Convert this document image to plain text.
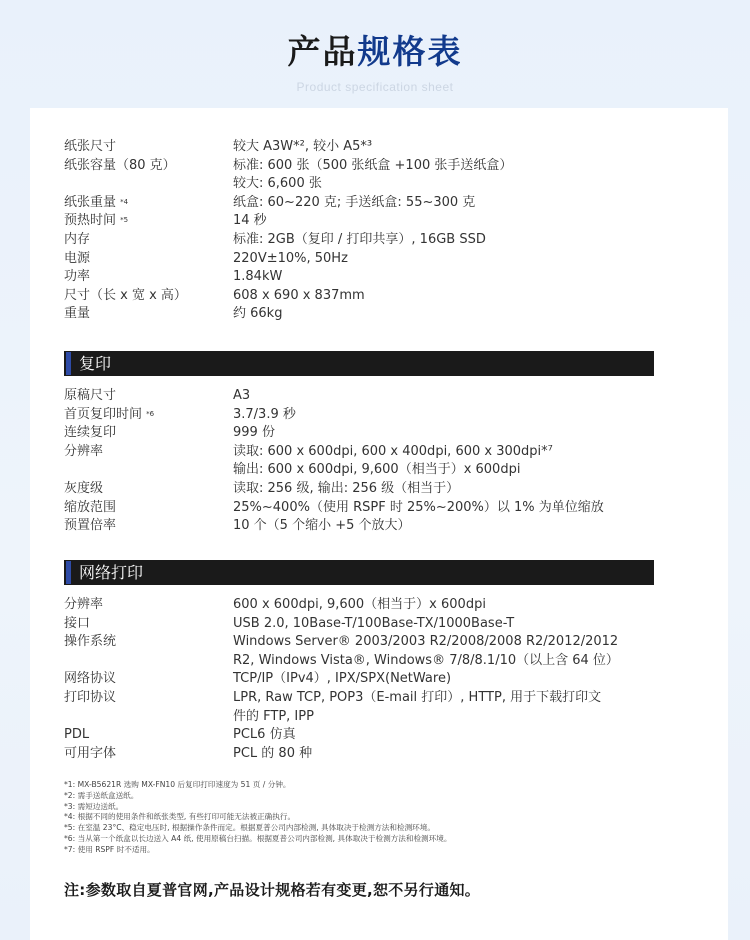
产品规格表
Product specification sheet
纸张尺寸	较大 A3W*², 较小 A5*³
纸张容量（80 克）	标准: 600 张（500 张纸盒 +100 张手送纸盒）
较大: 6,600 张
纸张重量 $^{*4}$	纸盒: 60~220 克; 手送纸盒: 55~300 克
预热时间 $^{*5}$	14 秒
内存	标准: 2GB（复印 / 打印共享）, 16GB SSD
电源	220V±10%, 50Hz
功率	1.84kW
尺寸（长 x 宽 x 高）	608 x 690 x 837mm
重量	约 66kg
复印
原稿尺寸	A3
首页复印时间 $^{*6}$	3.7/3.9 秒
连续复印	999 份
分辨率	读取: 600 x 600dpi, 600 x 400dpi, 600 x 300dpi*⁷
输出: 600 x 600dpi, 9,600（相当于）x 600dpi
灰度级	读取: 256 级, 输出: 256 级（相当于）
缩放范围	25%~400%（使用 RSPF 时 25%~200%）以 1% 为单位缩放
预置倍率	10 个（5 个缩小 +5 个放大）
网络打印
分辨率	600 x 600dpi, 9,600（相当于）x 600dpi
接口	USB 2.0, 10Base-T/100Base-TX/1000Base-T
操作系统	Windows Server® 2003/2003 R2/2008/2008 R2/2012/2012
R2, Windows Vista®, Windows® 7/8/8.1/10（以上含 64 位）
网络协议	TCP/IP（IPv4）, IPX/SPX(NetWare)
打印协议	LPR, Raw TCP, POP3（E-mail 打印）, HTTP, 用于下载打印文
件的 FTP, IPP
PDL	PCL6 仿真
可用字体	PCL 的 80 种
*1: MX-B5621R 选购 MX-FN10 后复印打印速度为 51 页 / 分钟。
*2: 需手送纸盒送纸。
*3: 需短边送纸。
*4: 根据不同的使用条件和纸张类型, 有些打印可能无法被正确执行。
*5: 在室温 23°C、稳定电压时, 根据操作条件而定。根据夏普公司内部检测, 具体取决于检测方法和检测环境。
*6: 当从第一个纸盒以长边送入 A4 纸, 使用原稿台扫描。根据夏普公司内部检测, 具体取决于检测方法和检测环境。
*7: 使用 RSPF 时不适用。
注:参数取自夏普官网,产品设计规格若有变更,恕不另行通知。
